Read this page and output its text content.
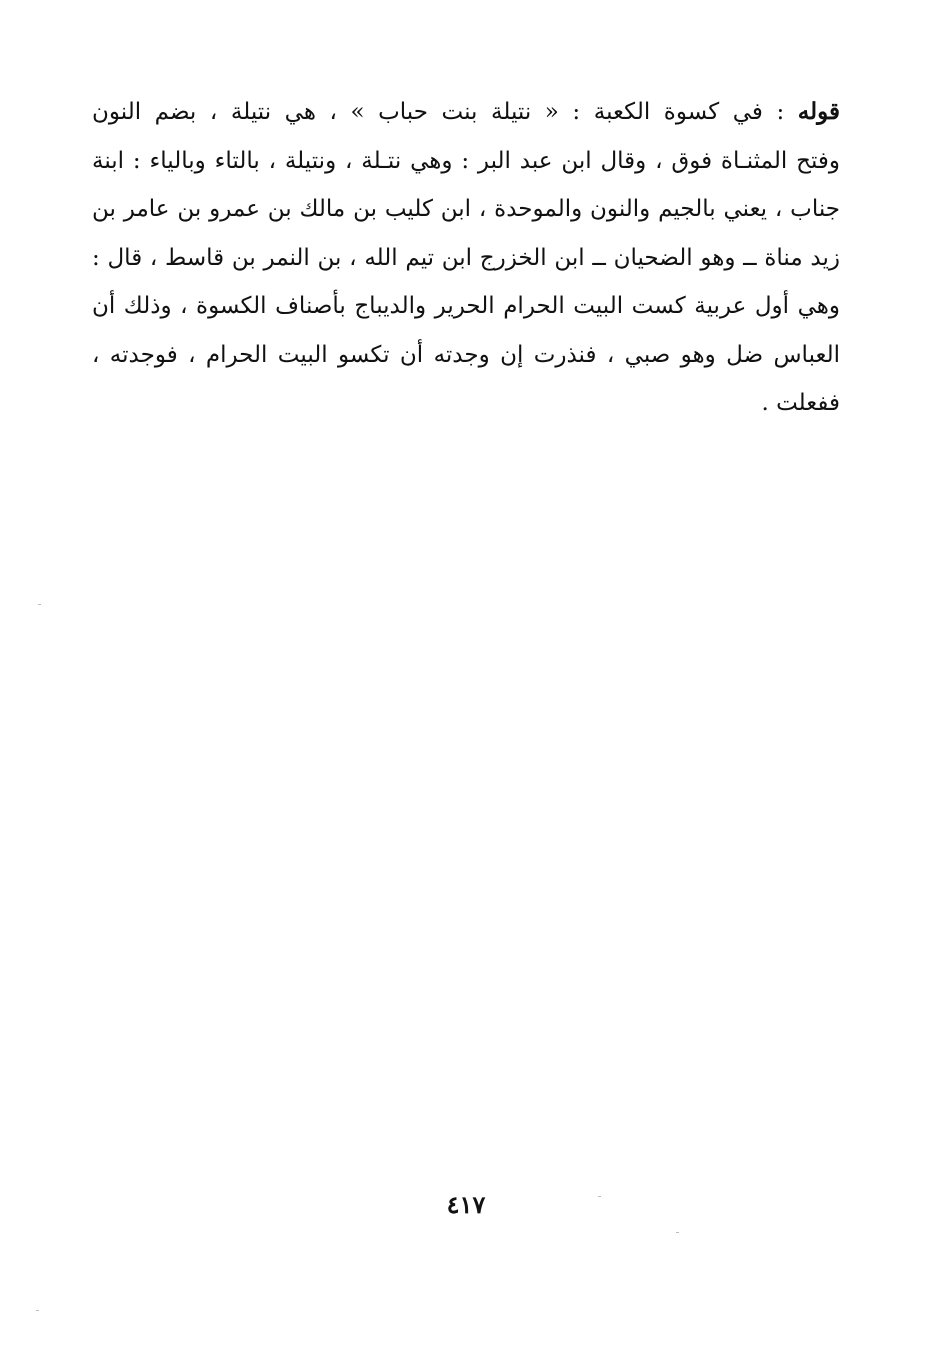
قوله : في كسوة الكعبة : « نتيلة بنت حباب » ، هي نتيلة ، بضم النون
وفتح المثنـاة فوق ، وقال ابن عبد البر : وهي نتـلة ، ونتيلة ، بالتاء وبالياء : ابنة
جناب ، يعني بالجيم والنون والموحدة ، ابن كليب بن مالك بن عمرو بن عامر بن
زيد مناة ــ وهو الضحيان ــ ابن الخزرج ابن تيم الله ، بن النمر بن قاسط ، قال :
وهي أول عربية كست البيت الحرام الحرير والديباج بأصناف الكسوة ، وذلك أن
العباس ضل وهو صبي ، فنذرت إن وجدته أن تكسو البيت الحرام ، فوجدته ،
ففعلت .
٤١٧
